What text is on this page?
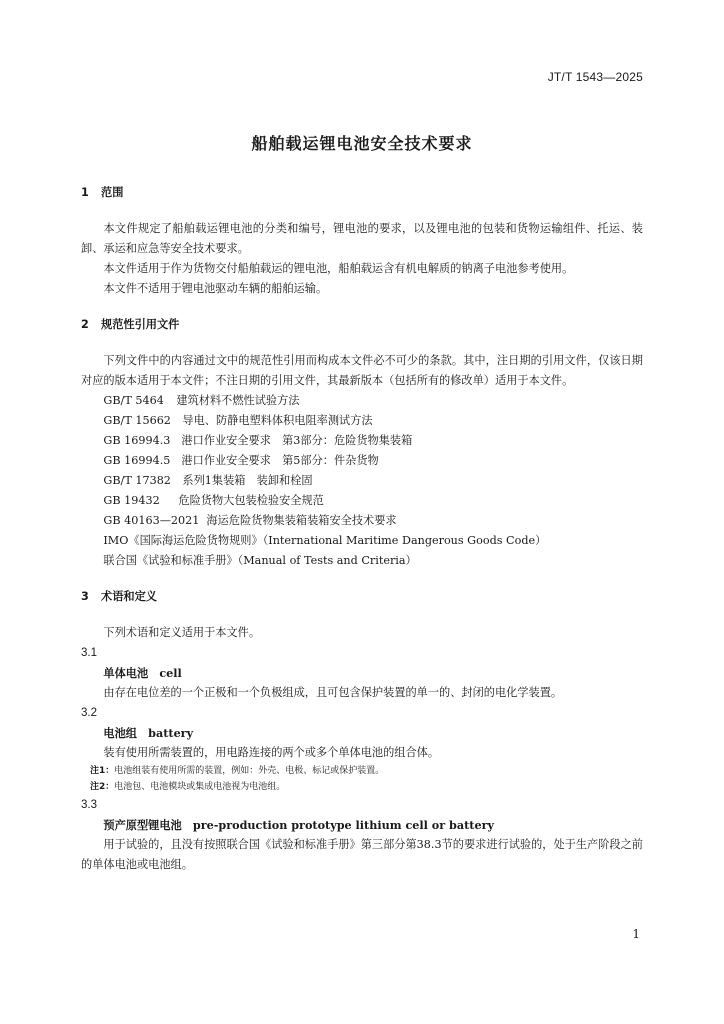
JT/T 1543—2025
船舶载运锂电池安全技术要求
1 范围
本文件规定了船舶载运锂电池的分类和编号，锂电池的要求，以及锂电池的包装和货物运输组件、托运、装卸、承运和应急等安全技术要求。
本文件适用于作为货物交付船舶载运的锂电池，船舶载运含有机电解质的钠离子电池参考使用。
本文件不适用于锂电池驱动车辆的船舶运输。
2 规范性引用文件
下列文件中的内容通过文中的规范性引用而构成本文件必不可少的条款。其中，注日期的引用文件，仅该日期对应的版本适用于本文件；不注日期的引用文件，其最新版本（包括所有的修改单）适用于本文件。
GB/T 5464 建筑材料不燃性试验方法
GB/T 15662 导电、防静电塑料体积电阻率测试方法
GB 16994.3 港口作业安全要求　第3部分：危险货物集装箱
GB 16994.5 港口作业安全要求　第5部分：件杂货物
GB/T 17382 系列1集装箱　装卸和栓固
GB 19432 危险货物大包装检验安全规范
GB 40163—2021 海运危险货物集装箱装箱安全技术要求
IMO《国际海运危险货物规则》（International Maritime Dangerous Goods Code）
联合国《试验和标准手册》（Manual of Tests and Criteria）
3 术语和定义
下列术语和定义适用于本文件。
3.1
单体电池 cell
由存在电位差的一个正极和一个负极组成，且可包含保护装置的单一的、封闭的电化学装置。
3.2
电池组 battery
装有使用所需装置的，用电路连接的两个或多个单体电池的组合体。
注1：电池组装有使用所需的装置，例如：外壳、电极、标记或保护装置。
注2：电池包、电池模块或集成电池视为电池组。
3.3
预产原型锂电池 pre-production prototype lithium cell or battery
用于试验的，且没有按照联合国《试验和标准手册》第三部分第38.3节的要求进行试验的，处于生产阶段之前的单体电池或电池组。
1
